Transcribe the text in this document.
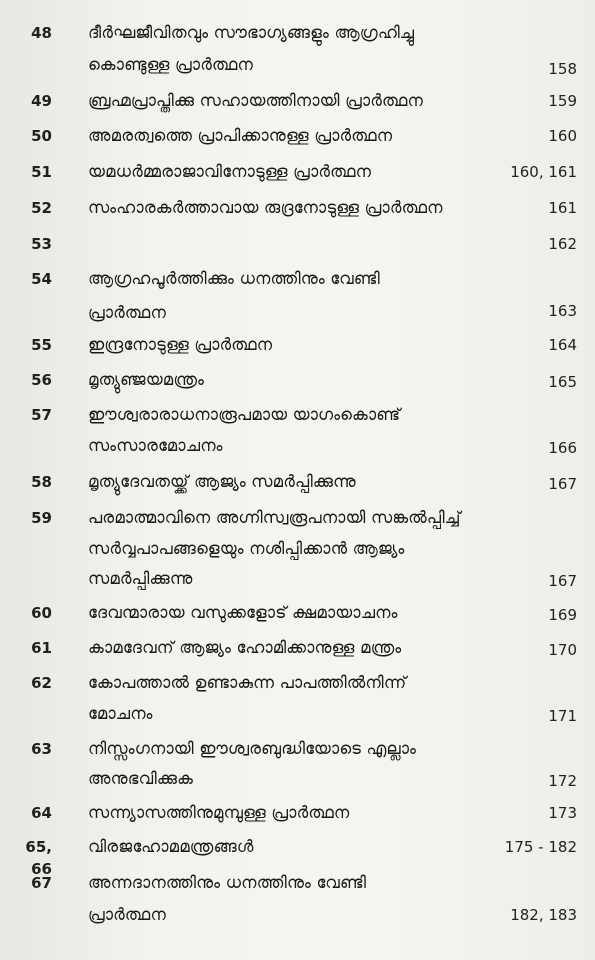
48 ദീർഘജീവിതവും സൗഭാഗ്യങ്ങളും ആഗ്രഹിച്ചു
കൊണ്ടുള്ള പ്രാർത്ഥന	158
49 ബ്രഹ്മപ്രാപ്തിക്കു സഹായത്തിനായി പ്രാർത്ഥന	159
50 അമരത്വത്തെ പ്രാപിക്കാനുള്ള പ്രാർത്ഥന	160
51 യമധർമ്മരാജാവിനോടുള്ള പ്രാർത്ഥന	160, 161
52 സംഹാരകർത്താവായ രുദ്രനോടുള്ള പ്രാർത്ഥന	161
53	162
54 ആഗ്രഹപൂർത്തിക്കും ധനത്തിനും വേണ്ടി
പ്രാർത്ഥന	163
55 ഇന്ദ്രനോടുള്ള പ്രാർത്ഥന	164
56 മൃത്യുഞ്ജയമന്ത്രം	165
57 ഈശ്വരാരാധനാരൂപമായ യാഗംകൊണ്ട്
സംസാരമോചനം	166
58 മൃത്യുദേവതയ്ക്ക് ആജ്യം സമർപ്പിക്കുന്നു	167
59 പരമാത്മാവിനെ അഗ്നിസ്വരൂപനായി സങ്കൽപ്പിച്ച്
സർവ്വപാപങ്ങളെയും നശിപ്പിക്കാൻ ആജ്യം
സമർപ്പിക്കുന്നു	167
60 ദേവന്മാരായ വസുക്കളോട് ക്ഷമായാചനം	169
61 കാമദേവന് ആജ്യം ഹോമിക്കാനുള്ള മന്ത്രം	170
62 കോപത്താൽ ഉണ്ടാകുന്ന പാപത്തിൽനിന്ന്
മോചനം	171
63 നിസ്സംഗനായി ഈശ്വരബുദ്ധിയോടെ എല്ലാം
അനുഭവിക്കുക	172
64 സന്ന്യാസത്തിനുമുമ്പുള്ള പ്രാർത്ഥന	173
65, 66
വിരജഹോമമന്ത്രങ്ങൾ	175 - 182
67 അന്നദാനത്തിനും ധനത്തിനും വേണ്ടി
പ്രാർത്ഥന	182, 183
